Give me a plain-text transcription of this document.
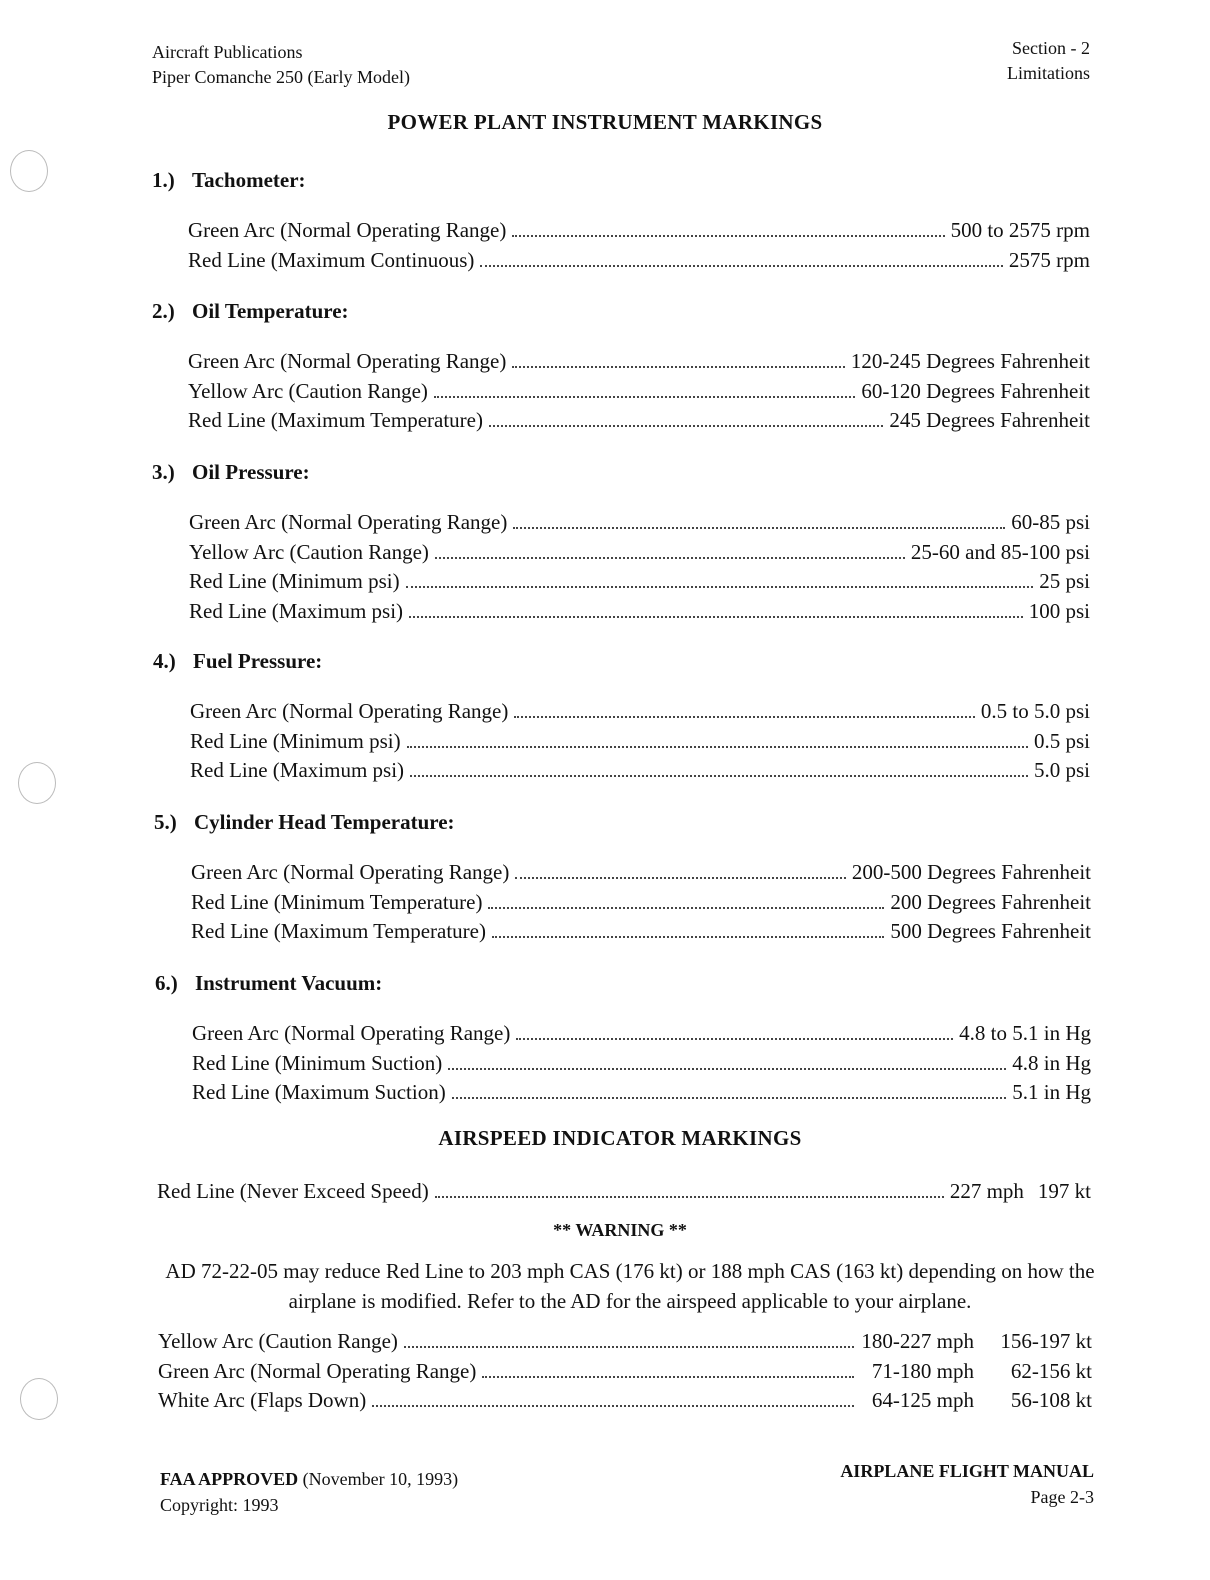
Aircraft Publications
Piper Comanche 250 (Early Model)
Section - 2
Limitations
POWER PLANT INSTRUMENT MARKINGS
1.) Tachometer:
Green Arc (Normal Operating Range)	500 to 2575 rpm
Red Line (Maximum Continuous)	2575 rpm
2.) Oil Temperature:
Green Arc (Normal Operating Range)	120-245 Degrees Fahrenheit
Yellow Arc (Caution Range)	60-120 Degrees Fahrenheit
Red Line (Maximum Temperature)	245 Degrees Fahrenheit
3.) Oil Pressure:
Green Arc (Normal Operating Range)	60-85 psi
Yellow Arc (Caution Range)	25-60 and 85-100 psi
Red Line (Minimum psi)	25 psi
Red Line (Maximum psi)	100 psi
4.) Fuel Pressure:
Green Arc (Normal Operating Range)	0.5 to 5.0 psi
Red Line (Minimum psi)	0.5 psi
Red Line (Maximum psi)	5.0 psi
5.) Cylinder Head Temperature:
Green Arc (Normal Operating Range)	200-500 Degrees Fahrenheit
Red Line (Minimum Temperature)	200 Degrees Fahrenheit
Red Line (Maximum Temperature)	500 Degrees Fahrenheit
6.) Instrument Vacuum:
Green Arc (Normal Operating Range)	4.8 to 5.1 in Hg
Red Line (Minimum Suction)	4.8 in Hg
Red Line (Maximum Suction)	5.1 in Hg
AIRSPEED INDICATOR MARKINGS
Red Line (Never Exceed Speed)	227 mph 197 kt
** WARNING **
AD 72-22-05 may reduce Red Line to 203 mph CAS (176 kt) or 188 mph CAS (163 kt) depending on how the airplane is modified. Refer to the AD for the airspeed applicable to your airplane.
Yellow Arc (Caution Range)	180-227 mph	156-197 kt
Green Arc (Normal Operating Range)	71-180 mph	62-156 kt
White Arc (Flaps Down)	64-125 mph	56-108 kt
FAA APPROVED (November 10, 1993)
Copyright: 1993
AIRPLANE FLIGHT MANUAL
Page 2-3
